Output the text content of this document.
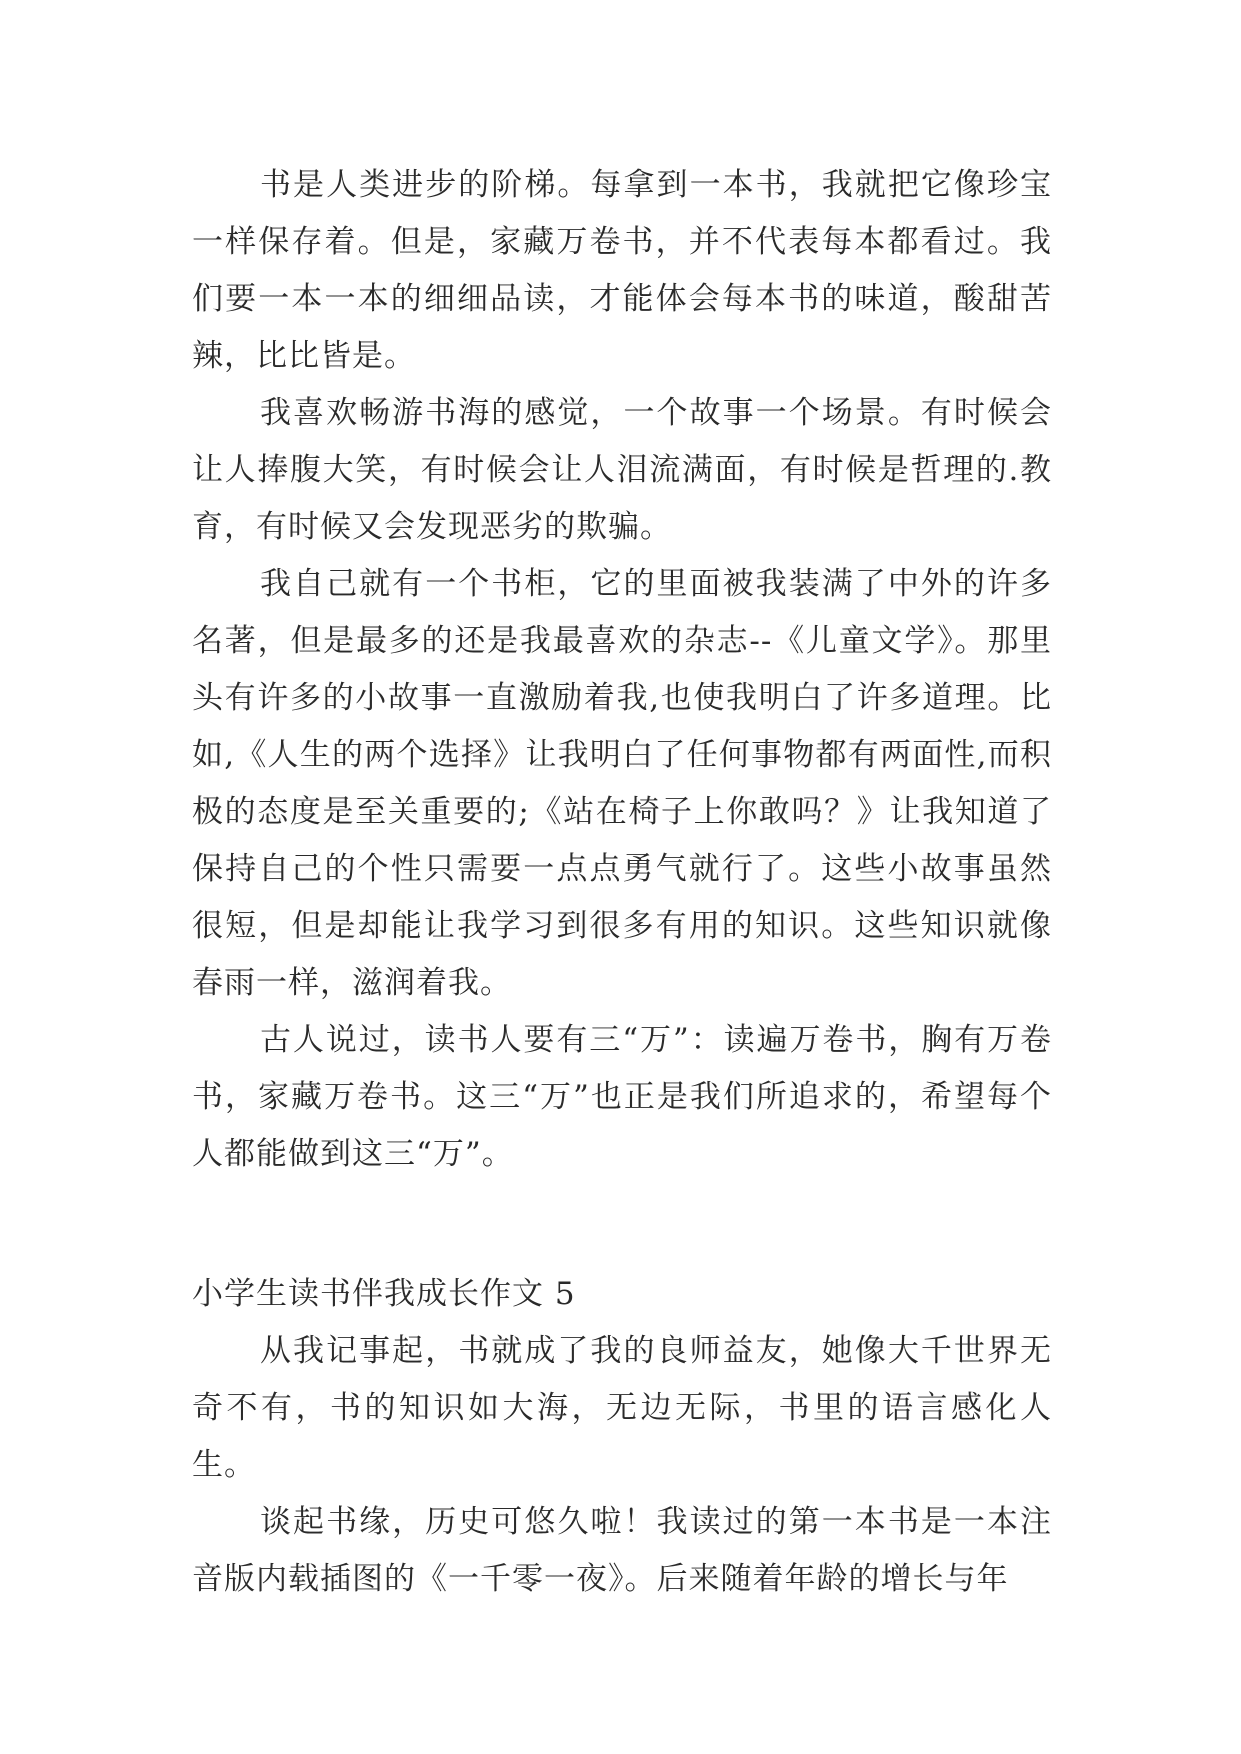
书是人类进步的阶梯。每拿到一本书，我就把它像珍宝一样保存着。但是，家藏万卷书，并不代表每本都看过。我们要一本一本的细细品读，才能体会每本书的味道，酸甜苦辣，比比皆是。

我喜欢畅游书海的感觉，一个故事一个场景。有时候会让人捧腹大笑，有时候会让人泪流满面，有时候是哲理的.教育，有时候又会发现恶劣的欺骗。

我自己就有一个书柜，它的里面被我装满了中外的许多名著，但是最多的还是我最喜欢的杂志--《儿童文学》。那里头有许多的小故事一直激励着我,也使我明白了许多道理。比如,《人生的两个选择》让我明白了任何事物都有两面性,而积极的态度是至关重要的;《站在椅子上你敢吗？》让我知道了保持自己的个性只需要一点点勇气就行了。这些小故事虽然很短，但是却能让我学习到很多有用的知识。这些知识就像春雨一样，滋润着我。

古人说过，读书人要有三“万”：读遍万卷书，胸有万卷书，家藏万卷书。这三“万”也正是我们所追求的，希望每个人都能做到这三“万”。

小学生读书伴我成长作文 5

从我记事起，书就成了我的良师益友，她像大千世界无奇不有，书的知识如大海，无边无际，书里的语言感化人生。

谈起书缘，历史可悠久啦！我读过的第一本书是一本注音版内载插图的《一千零一夜》。后来随着年龄的增长与年
